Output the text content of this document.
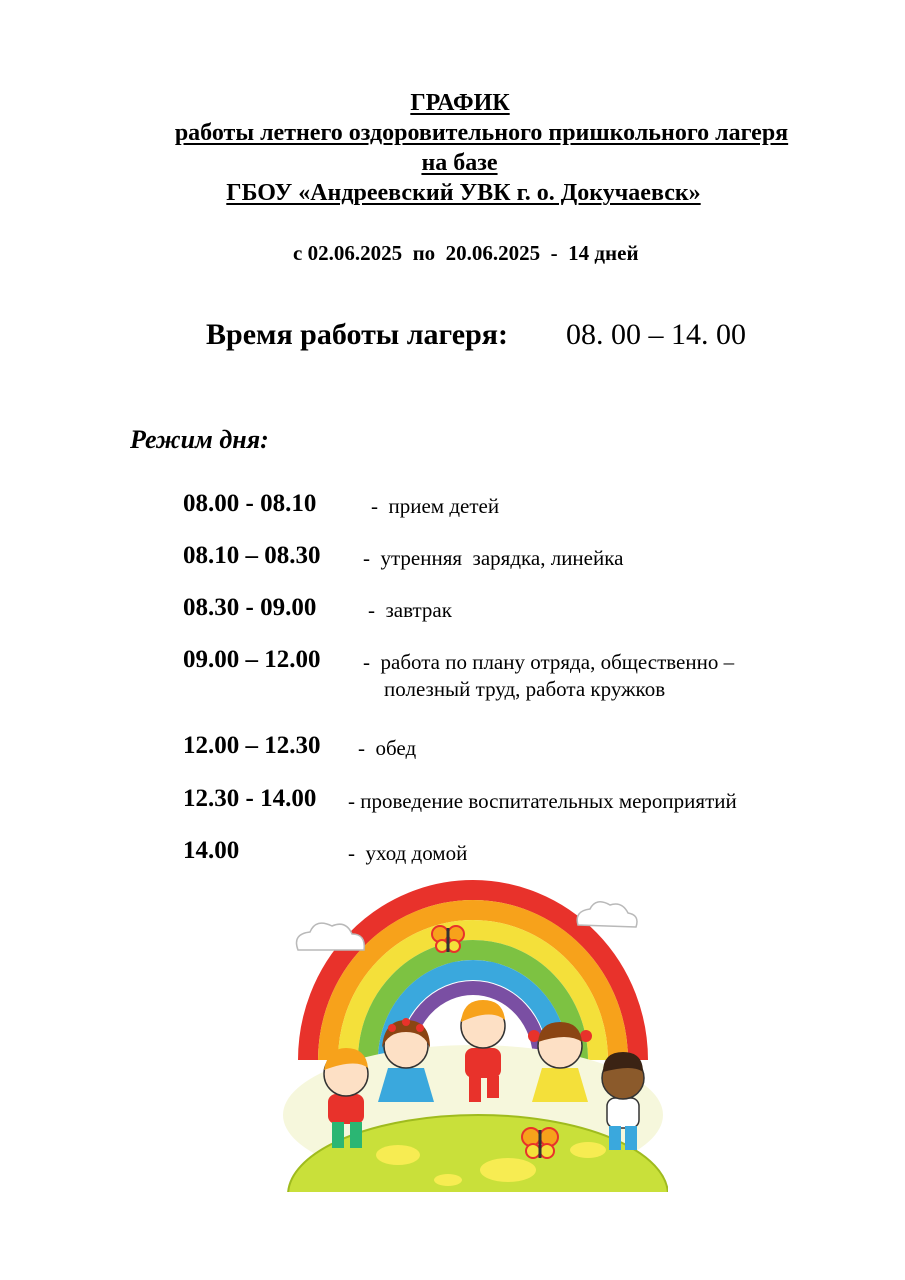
ГРАФИК
работы летнего оздоровительного пришкольного лагеря
на базе
ГБОУ «Андреевский УВК г. о. Докучаевск»
с 02.06.2025  по  20.06.2025  -  14 дней
Время работы лагеря: 08. 00 – 14. 00
Режим дня:
08.00 - 08.10	-  прием детей
08.10 – 08.30 -  утренняя  зарядка, линейка
08.30 - 09.00 -  завтрак
09.00 – 12.00 -  работа по плану отряда, общественно –
полезный труд, работа кружков
12.00 – 12.30 -  обед
12.30 - 14.00 - проведение воспитательных мероприятий
14.00	-  уход домой
